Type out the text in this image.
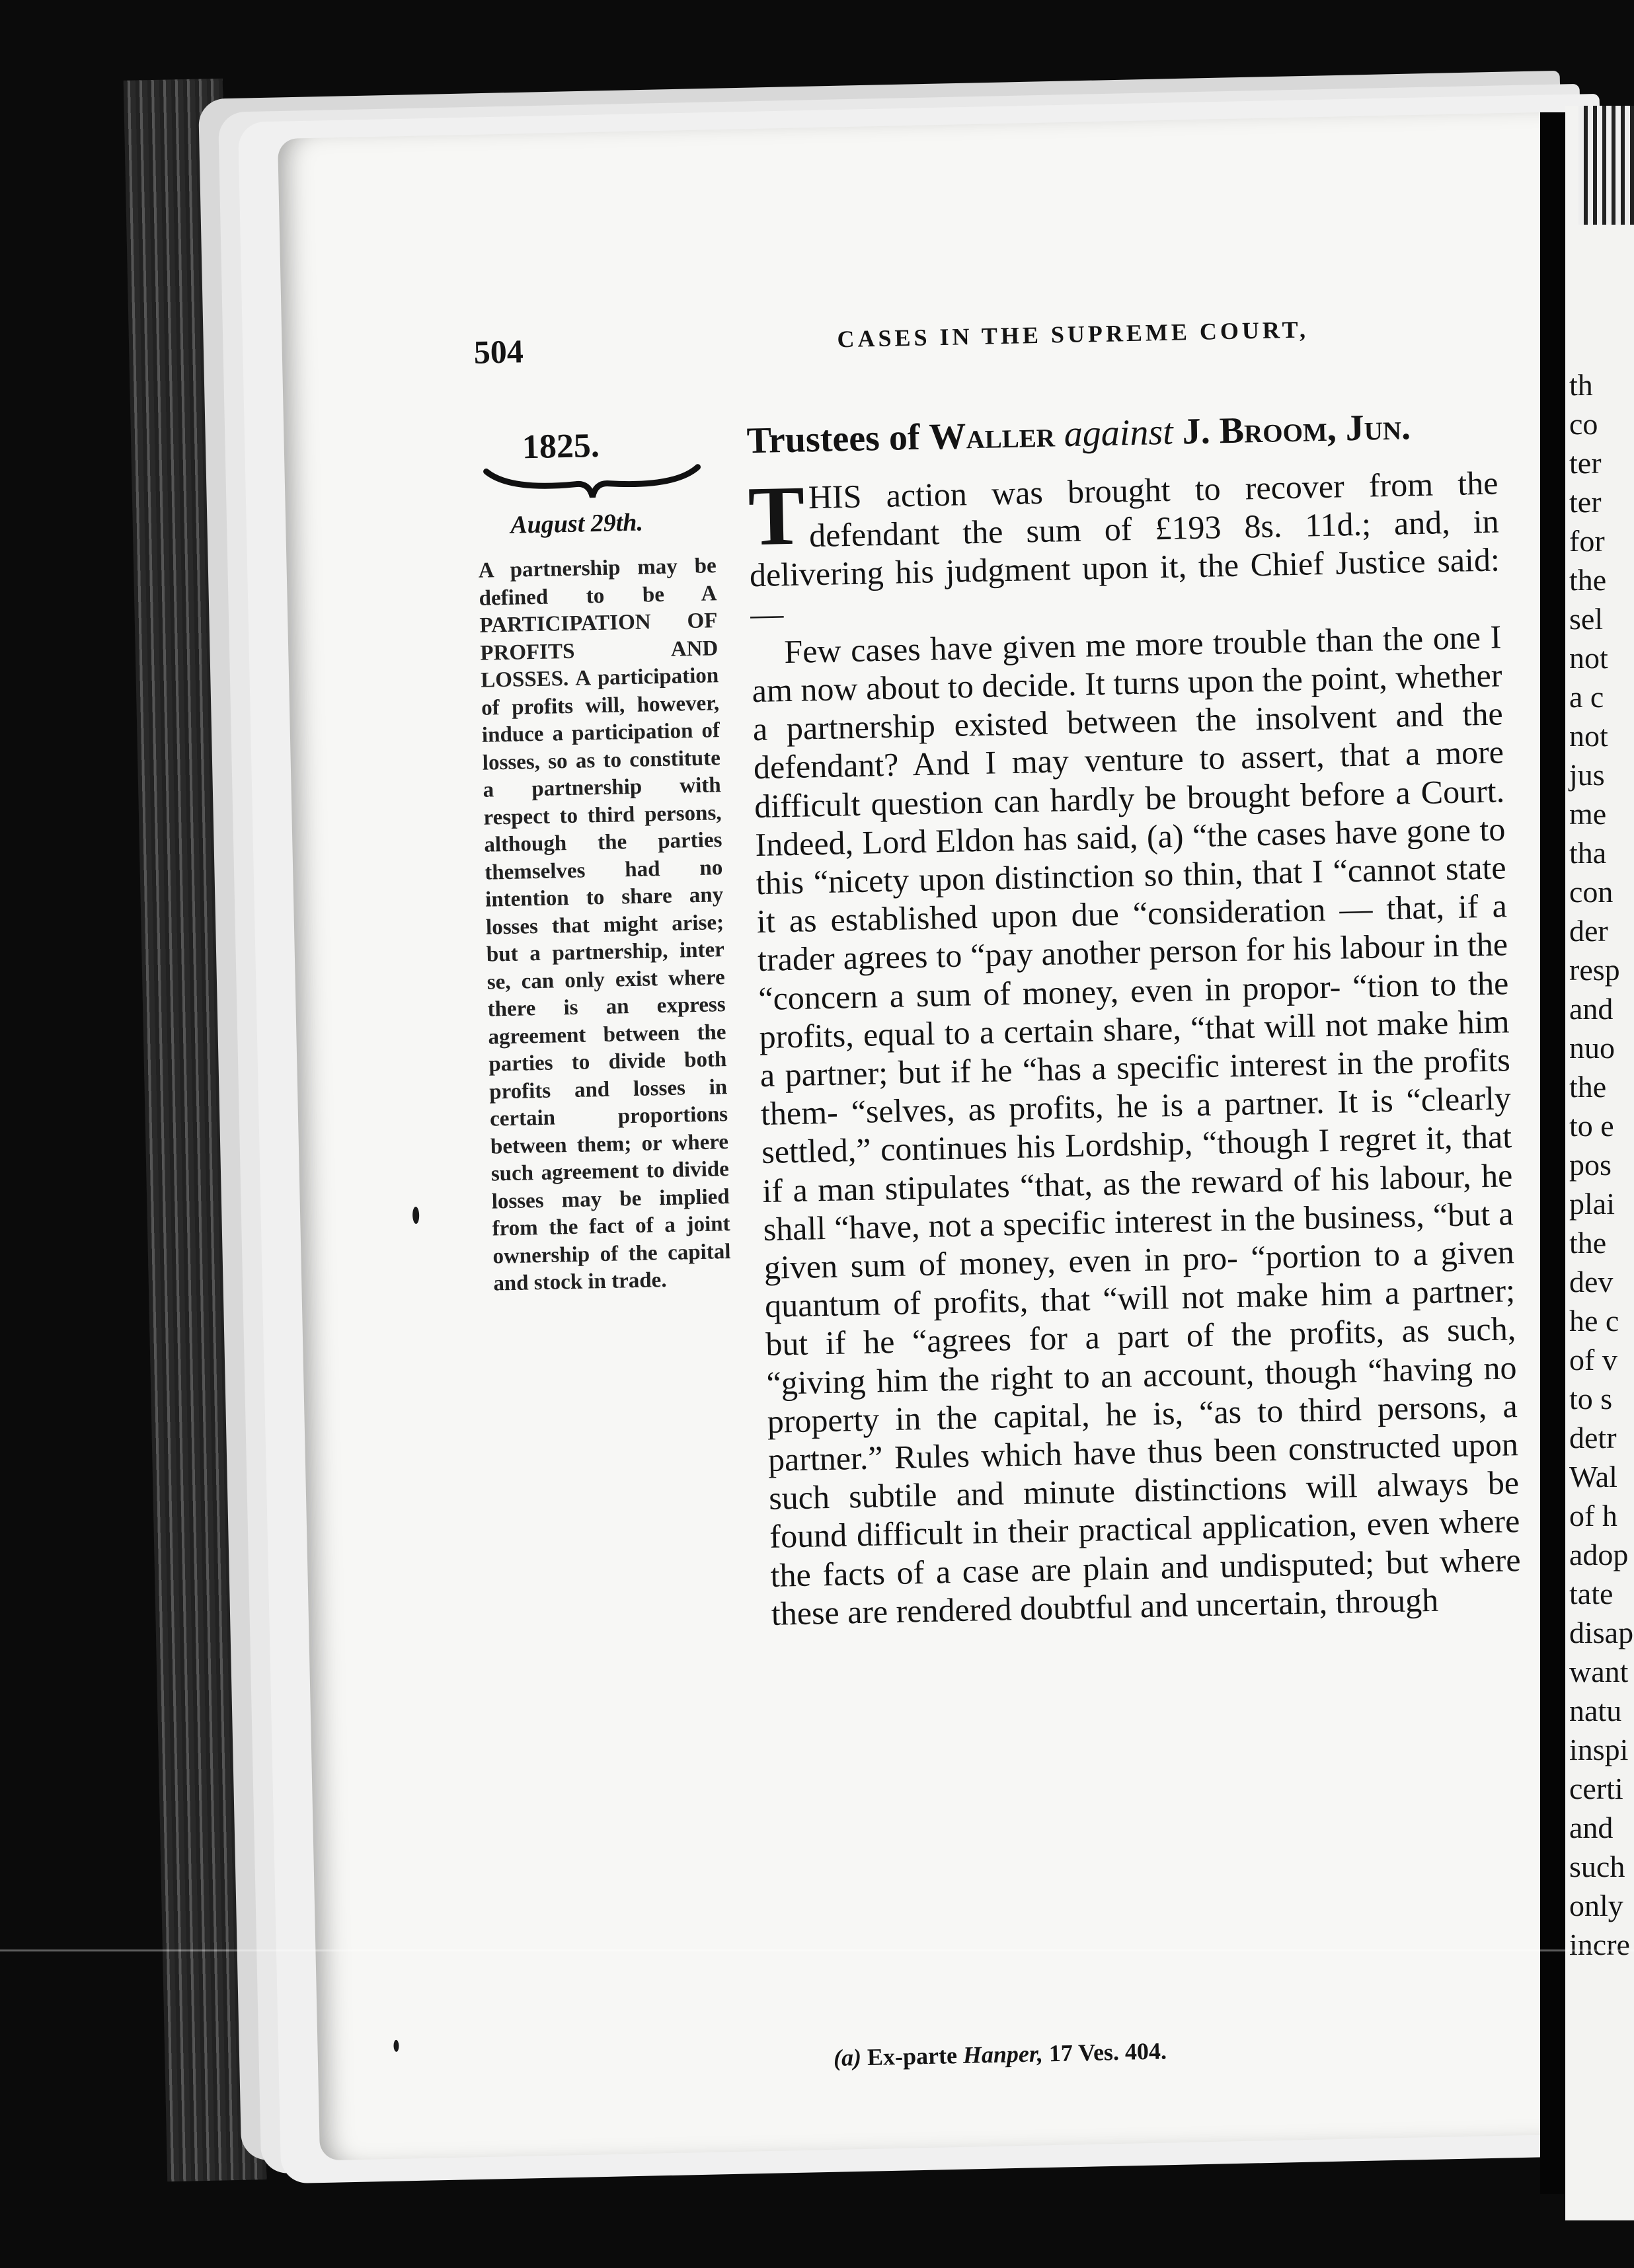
504	CASES IN THE SUPREME COURT,
1825.
August 29th.
A partnership may be defined to be A PARTICIPATION OF PROFITS AND LOSSES. A participation of profits will, however, induce a participation of losses, so as to constitute a partnership with respect to third persons, although the parties themselves had no intention to share any losses that might arise; but a partnership, inter se, can only exist where there is an express agreement between the parties to divide both profits and losses in certain proportions between them; or where such agreement to divide losses may be implied from the fact of a joint ownership of the capital and stock in trade.
Trustees of Waller against J. Broom, Jun.

THIS action was brought to recover from the defendant the sum of £193 8s. 11d.; and, in delivering his judgment upon it, the Chief Justice said: —

Few cases have given me more trouble than the one I am now about to decide. It turns upon the point, whether a partnership existed between the insolvent and the defendant? And I may venture to assert, that a more difficult question can hardly be brought before a Court. Indeed, Lord Eldon has said, (a) “the cases have gone to this “nicety upon distinction so thin, that I “cannot state it as established upon due “consideration — that, if a trader agrees to “pay another person for his labour in the “concern a sum of money, even in propor- “tion to the profits, equal to a certain share, “that will not make him a partner; but if he “has a specific interest in the profits them- “selves, as profits, he is a partner. It is “clearly settled,” continues his Lordship, “though I regret it, that if a man stipulates “that, as the reward of his labour, he shall “have, not a specific interest in the business, “but a given sum of money, even in pro- “portion to a given quantum of profits, that “will not make him a partner; but if he “agrees for a part of the profits, as such, “giving him the right to an account, though “having no property in the capital, he is, “as to third persons, a partner.” Rules which have thus been constructed upon such subtile and minute distinctions will always be found difficult in their practical application, even where the facts of a case are plain and undisputed; but where these are rendered doubtful and uncertain, through

(a) Ex-parte Hanper, 17 Ves. 404.
th
co
ter
ter
for
the
sel
not
a c
not
jus
me
tha
con
der
resp
and
nuo
the
to e
pos
plai
the
dev
he c
of v
to s
detr
Wal
of h
adop
tate
disap
want
natu
inspi
certi
and
such
only
incre
